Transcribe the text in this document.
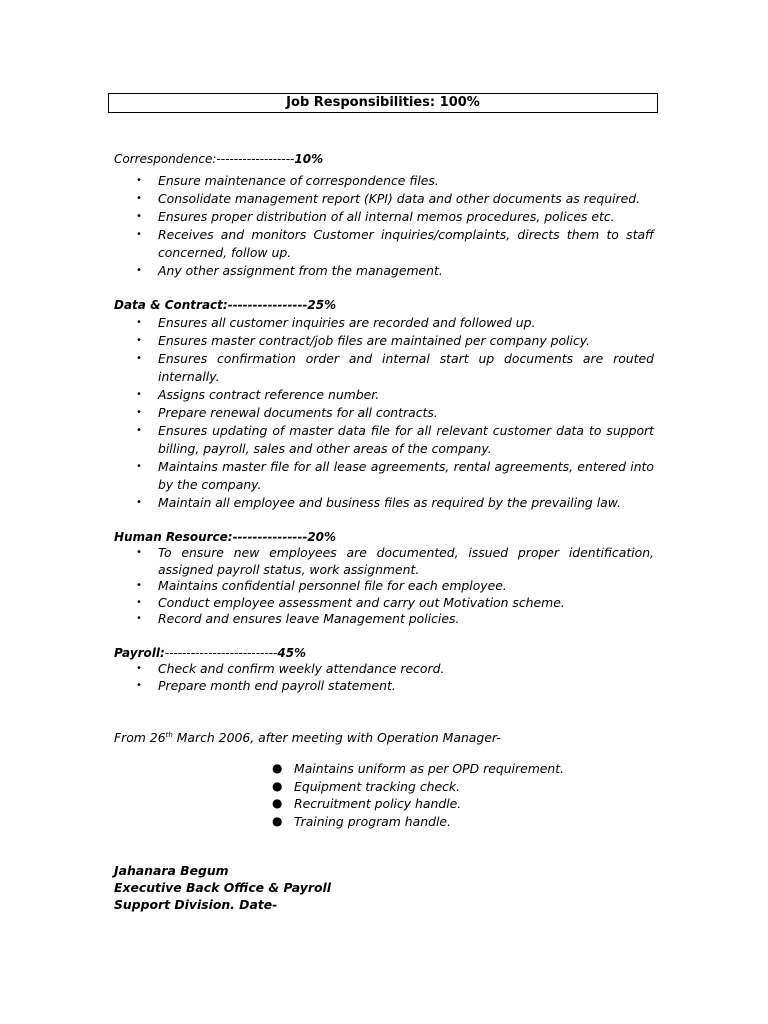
Job Responsibilities: 100%
Correspondence:------------------10%
• Ensure maintenance of correspondence files.
• Consolidate management report (KPI) data and other documents as required.
• Ensures proper distribution of all internal memos procedures, polices etc.
• Receives and monitors Customer inquiries/complaints, directs them to staff concerned, follow up.
• Any other assignment from the management.
Data & Contract:----------------25%
• Ensures all customer inquiries are recorded and followed up.
• Ensures master contract/job files are maintained per company policy.
• Ensures confirmation order and internal start up documents are routed internally.
• Assigns contract reference number.
• Prepare renewal documents for all contracts.
• Ensures updating of master data file for all relevant customer data to support billing, payroll, sales and other areas of the company.
• Maintains master file for all lease agreements, rental agreements, entered into by the company.
• Maintain all employee and business files as required by the prevailing law.
Human Resource:---------------20%
• To ensure new employees are documented, issued proper identification, assigned payroll status, work assignment.
• Maintains confidential personnel file for each employee.
• Conduct employee assessment and carry out Motivation scheme.
• Record and ensures leave Management policies.
Payroll:--------------------------45%
• Check and confirm weekly attendance record.
• Prepare month end payroll statement.
From 26th March 2006, after meeting with Operation Manager-
● Maintains uniform as per OPD requirement.
● Equipment tracking check.
● Recruitment policy handle.
● Training program handle.
Jahanara Begum
Executive Back Office & Payroll
Support Division. Date-
